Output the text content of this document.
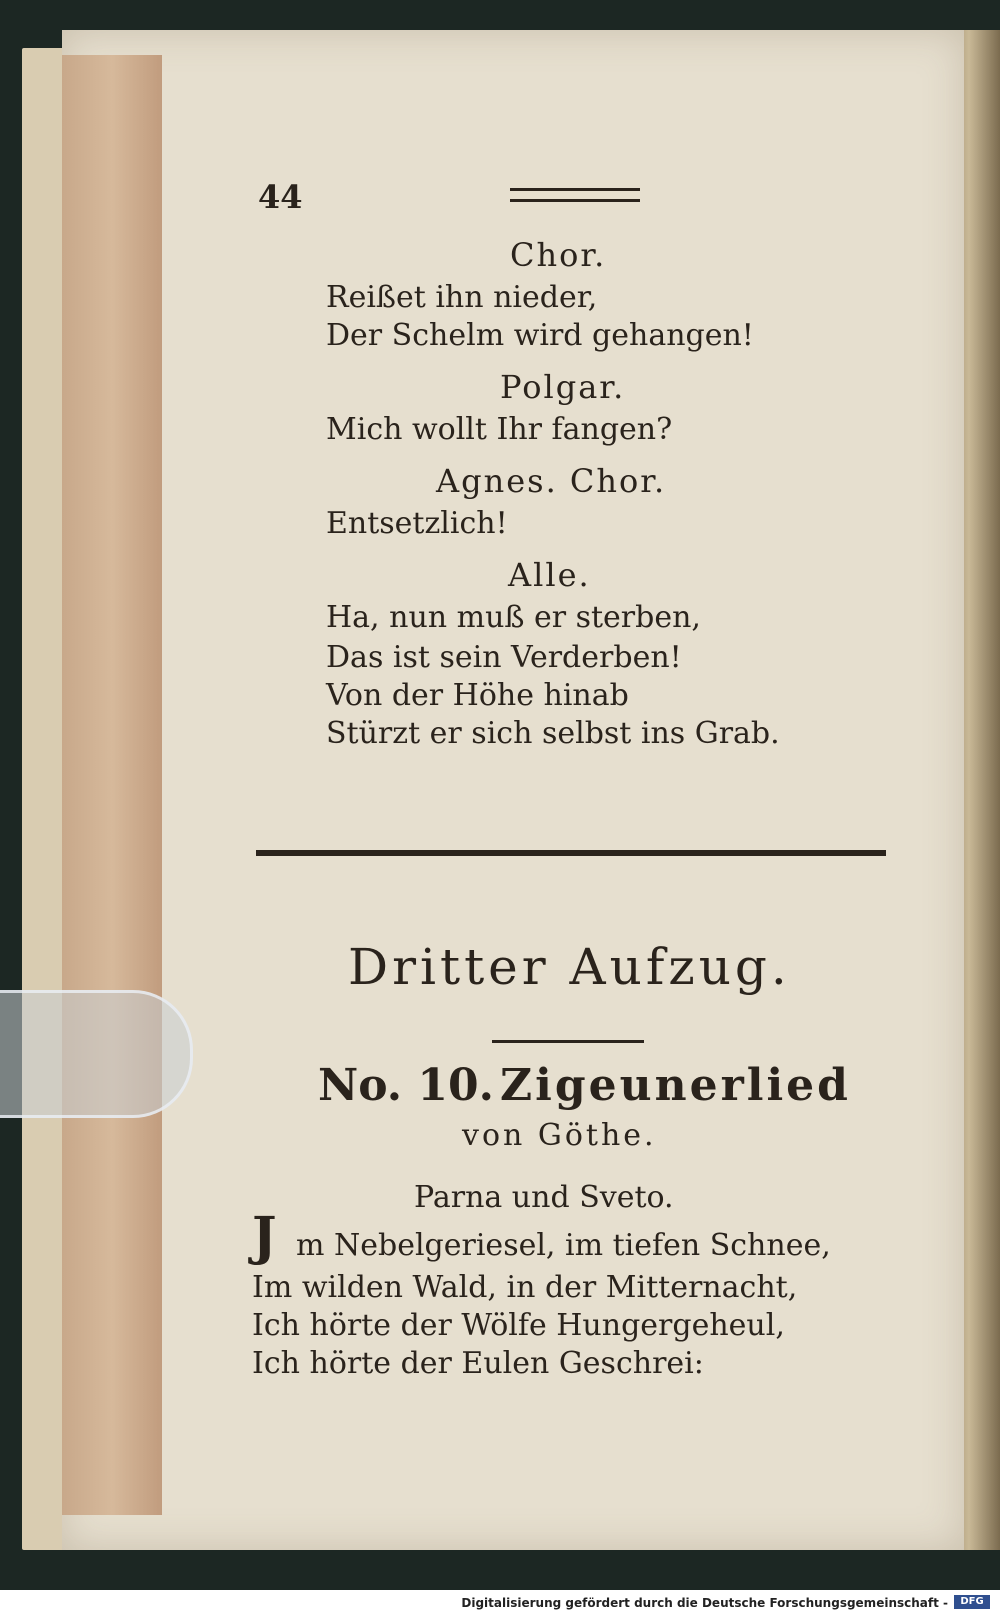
44
Chor.
Reißet ihn nieder,
Der Schelm wird gehangen!
Polgar.
Mich wollt Ihr fangen?
Agnes. Chor.
Entsetzlich!
Alle.
Ha, nun muß er sterben,
Das ist sein Verderben!
Von der Höhe hinab
Stürzt er sich selbst ins Grab.
Dritter Aufzug.
No. 10. Zigeunerlied
von Göthe.
Parna und Sveto.
J m Nebelgeriesel, im tiefen Schnee,
Im wilden Wald, in der Mitternacht,
Ich hörte der Wölfe Hungergeheul,
Ich hörte der Eulen Geschrei:
Digitalisierung gefördert durch die Deutsche Forschungsgemeinschaft -	DFG
